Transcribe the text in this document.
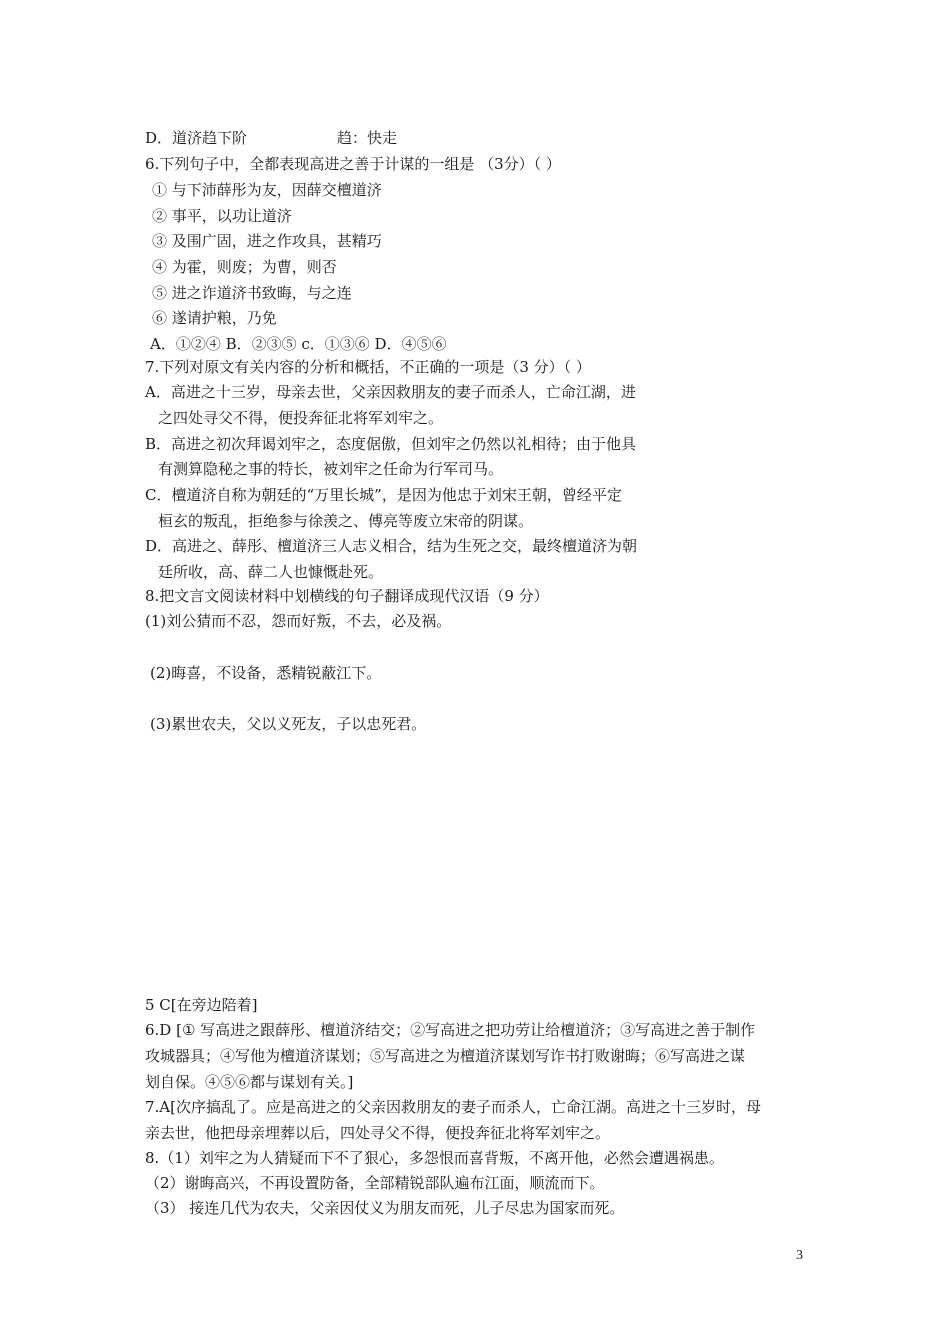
D．道济趋下阶	趋：快走
6.下列句子中，全都表现高进之善于计谋的一组是 （3分）（ ）
① 与下沛薛彤为友，因薛交檀道济
② 事平，以功让道济
③ 及围广固，进之作攻具，甚精巧
④ 为霍，则废；为曹，则否
⑤ 进之诈道济书致晦，与之连
⑥ 遂请护粮，乃免
A．①②④ B．②③⑤ c．①③⑥ D．④⑤⑥
7.下列对原文有关内容的分析和概括，不正确的一项是（3 分）（ ）
A．高进之十三岁，母亲去世，父亲因救朋友的妻子而杀人，亡命江湖，进
之四处寻父不得，便投奔征北将军刘牢之。
B．高进之初次拜谒刘牢之，态度倨傲，但刘牢之仍然以礼相待；由于他具
有测算隐秘之事的特长，被刘牢之任命为行军司马。
C．檀道济自称为朝廷的“万里长城”，是因为他忠于刘宋王朝，曾经平定
桓玄的叛乱，拒绝参与徐羡之、傅亮等废立宋帝的阴谋。
D．高进之、薛彤、檀道济三人志义相合，结为生死之交，最终檀道济为朝
廷所收，高、薛二人也慷慨赴死。
8.把文言文阅读材料中划横线的句子翻译成现代汉语（9 分）
(1)刘公猜而不忍，怨而好叛，不去，必及祸。
(2)晦喜，不设备，悉精锐蔽江下。
(3)累世农夫，父以义死友，子以忠死君。
5 C[在旁边陪着]
6.D [① 写高进之跟薛彤、檀道济结交；②写高进之把功劳让给檀道济；③写高进之善于制作
攻城器具；④写他为檀道济谋划；⑤写高进之为檀道济谋划写诈书打败谢晦；⑥写高进之谋
划自保。④⑤⑥都与谋划有关。]
7.A[次序搞乱了。应是高进之的父亲因救朋友的妻子而杀人，亡命江湖。高进之十三岁时，母
亲去世，他把母亲埋葬以后，四处寻父不得，便投奔征北将军刘牢之。
8.（1）刘牢之为人猜疑而下不了狠心，多怨恨而喜背叛，不离开他，必然会遭遇祸患。
（2）谢晦高兴，不再设置防备，全部精锐部队遍布江面，顺流而下。
（3） 接连几代为农夫，父亲因仗义为朋友而死，儿子尽忠为国家而死。
3
